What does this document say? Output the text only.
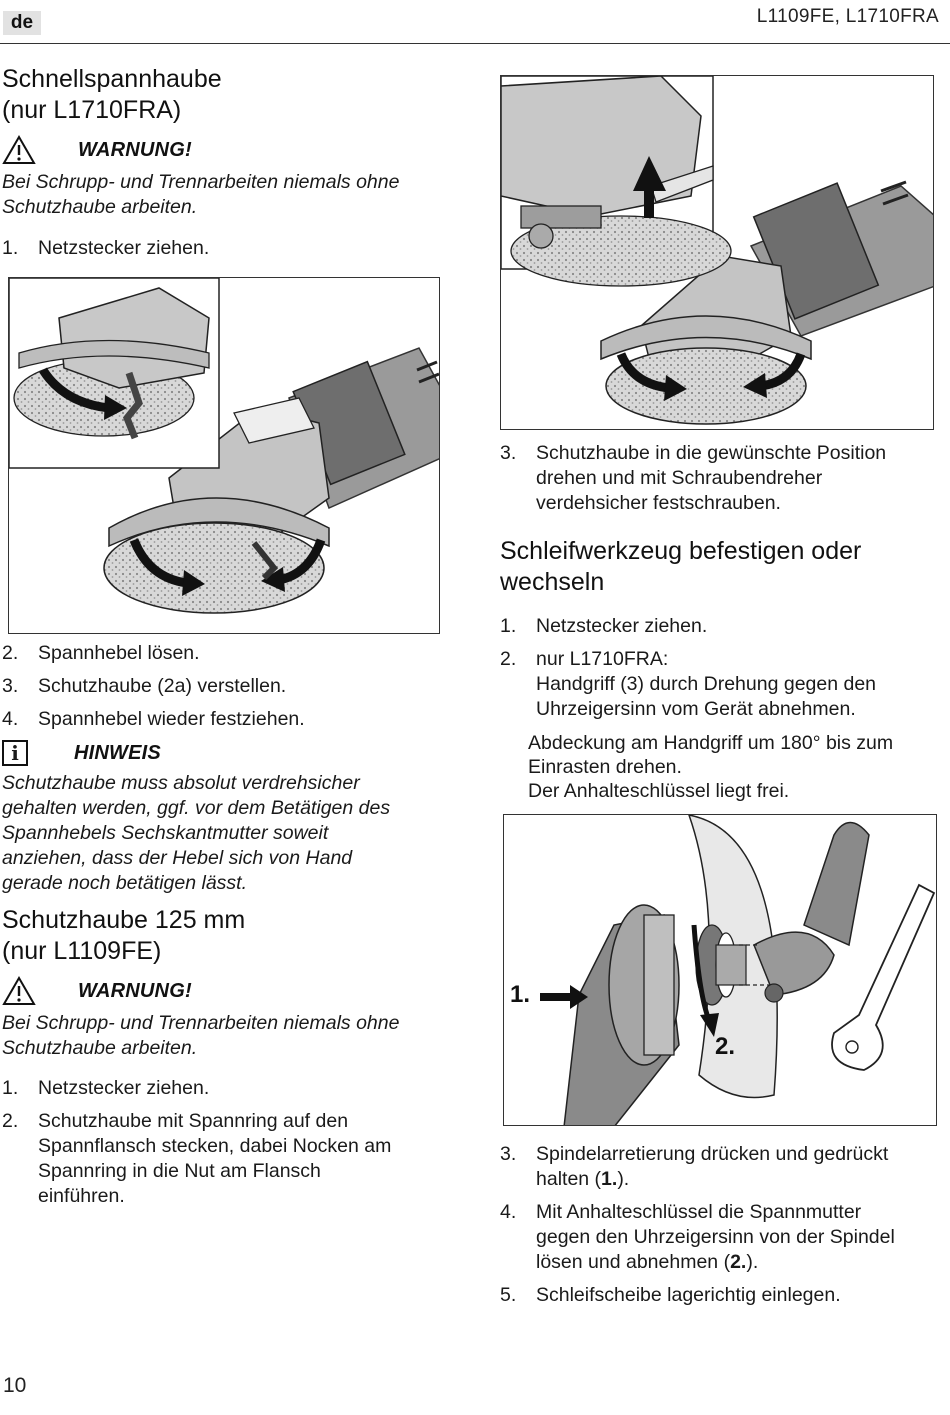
de	L1109FE, L1710FRA
Schnellspannhaube
(nur L1710FRA)
WARNUNG!

Bei Schrupp- und Trennarbeiten niemals ohne
Schutzhaube arbeiten.

1.	Netzstecker ziehen.
2.	Spannhebel lösen.
3.	Schutzhaube (2a) verstellen.
4.	Spannhebel wieder festziehen.
i	HINWEIS

Schutzhaube muss absolut verdrehsicher
gehalten werden, ggf. vor dem Betätigen des
Spannhebels Sechskantmutter soweit
anziehen, dass der Hebel sich von Hand
gerade noch betätigen lässt.

Schutzhaube 125 mm
(nur L1109FE)
WARNUNG!

Bei Schrupp- und Trennarbeiten niemals ohne
Schutzhaube arbeiten.

1.	Netzstecker ziehen.
2.	Schutzhaube mit Spannring auf den
Spannflansch stecken, dabei Nocken am
Spannring in die Nut am Flansch
einführen.
3.	Schutzhaube in die gewünschte Position
drehen und mit Schraubendreher
verdehsicher festschrauben.
Schleifwerkzeug befestigen oder
wechseln
1.	Netzstecker ziehen.
2.	nur L1710FRA:
Handgriff (3) durch Drehung gegen den
Uhrzeigersinn vom Gerät abnehmen.

Abdeckung am Handgriff um 180° bis zum
Einrasten drehen.
Der Anhalteschlüssel liegt frei.

1.
2.
3.	Spindelarretierung drücken und gedrückt
halten (1.).
4.	Mit Anhalteschlüssel die Spannmutter
gegen den Uhrzeigersinn von der Spindel
lösen und abnehmen (2.).
5.	Schleifscheibe lagerichtig einlegen.
10
